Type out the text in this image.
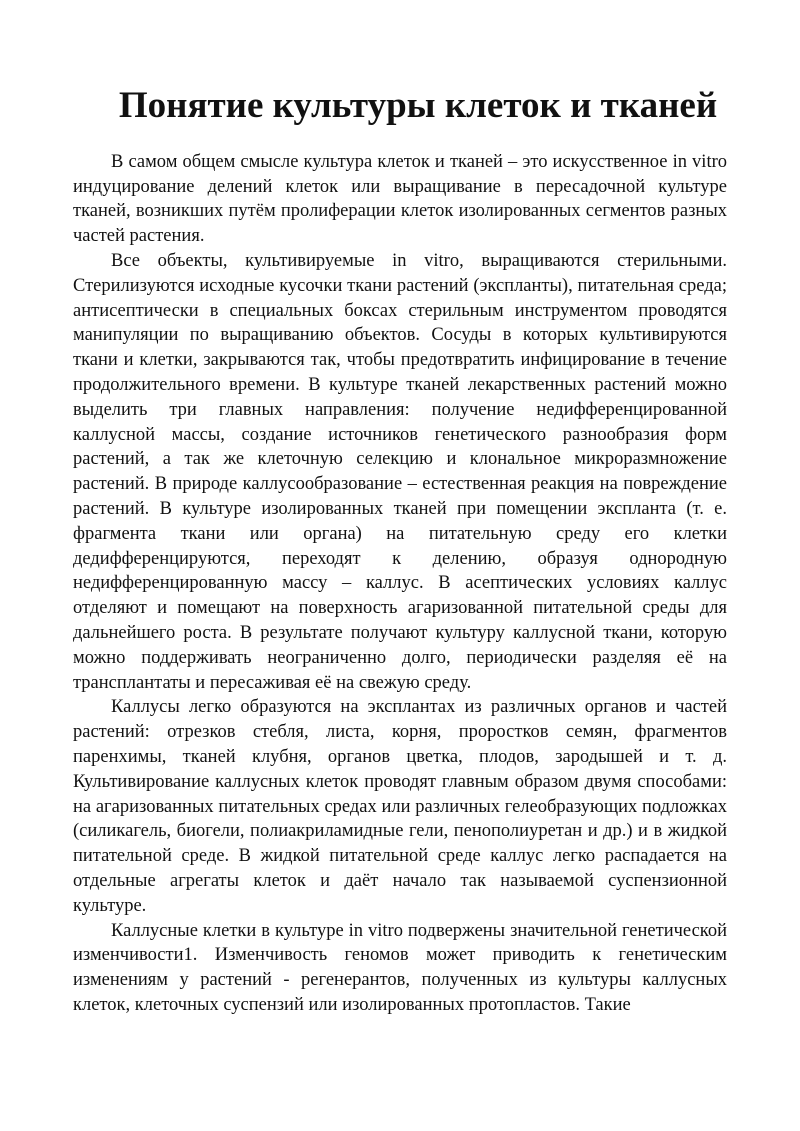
Понятие культуры клеток и тканей

В самом общем смысле культура клеток и тканей – это искусственное in vitro индуцирование делений клеток или выращивание в пересадочной культуре тканей, возникших путём пролиферации клеток изолированных сегментов разных частей растения.

Все объекты, культивируемые in vitro, выращиваются стерильными. Стерилизуются исходные кусочки ткани растений (экспланты), питательная среда; антисептически в специальных боксах стерильным инструментом проводятся манипуляции по выращиванию объектов. Сосуды в которых культивируются ткани и клетки, закрываются так, чтобы предотвратить инфицирование в течение продолжительного времени. В культуре тканей лекарственных растений можно выделить три главных направления: получение недифференцированной каллусной массы, создание источников генетического разнообразия форм растений, а так же клеточную селекцию и клональное микроразмножение растений. В природе каллусообразование – естественная реакция на повреждение растений. В культуре изолированных тканей при помещении экспланта (т. е. фрагмента ткани или органа) на питательную среду его клетки дедифференцируются, переходят к делению, образуя однородную недифференцированную массу – каллус. В асептических условиях каллус отделяют и помещают на поверхность агаризованной питательной среды для дальнейшего роста. В результате получают культуру каллусной ткани, которую можно поддерживать неограниченно долго, периодически разделяя её на трансплантаты и пересаживая её на свежую среду.

Каллусы легко образуются на эксплантах из различных органов и частей растений: отрезков стебля, листа, корня, проростков семян, фрагментов паренхимы, тканей клубня, органов цветка, плодов, зародышей и т. д. Культивирование каллусных клеток проводят главным образом двумя способами: на агаризованных питательных средах или различных гелеобразующих подложках (силикагель, биогели, полиакриламидные гели, пенополиуретан и др.) и в жидкой питательной среде. В жидкой питательной среде каллус легко распадается на отдельные агрегаты клеток и даёт начало так называемой суспензионной культуре.

Каллусные клетки в культуре in vitro подвержены значительной генетической изменчивости1. Изменчивость геномов может приводить к генетическим изменениям у растений - регенерантов, полученных из культуры каллусных клеток, клеточных суспензий или изолированных протопластов. Такие
